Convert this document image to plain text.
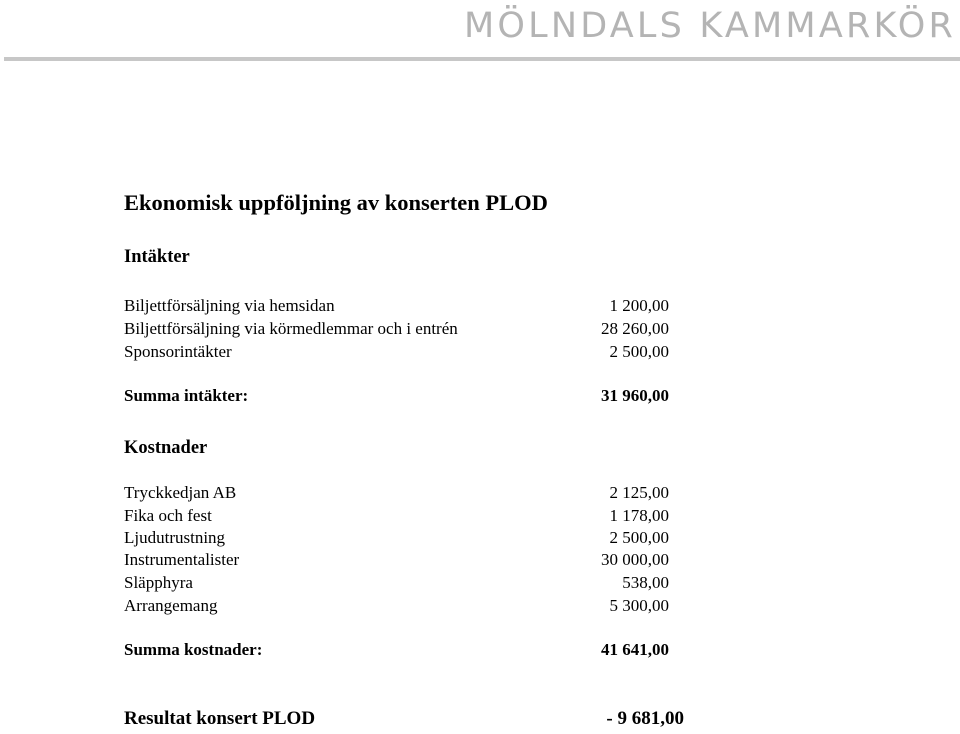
MÖLNDALS KAMMARKÖR
Ekonomisk uppföljning av konserten PLOD
Intäkter
Biljettförsäljning via hemsidan	1 200,00
Biljettförsäljning via körmedlemmar och i entrén	28 260,00
Sponsorintäkter	2 500,00
Summa intäkter:	31 960,00
Kostnader
Tryckkedjan AB	2 125,00
Fika och fest	1 178,00
Ljudutrustning	2 500,00
Instrumentalister	30 000,00
Släpphyra	538,00
Arrangemang	5 300,00
Summa kostnader:	41 641,00
Resultat konsert PLOD	- 9 681,00
